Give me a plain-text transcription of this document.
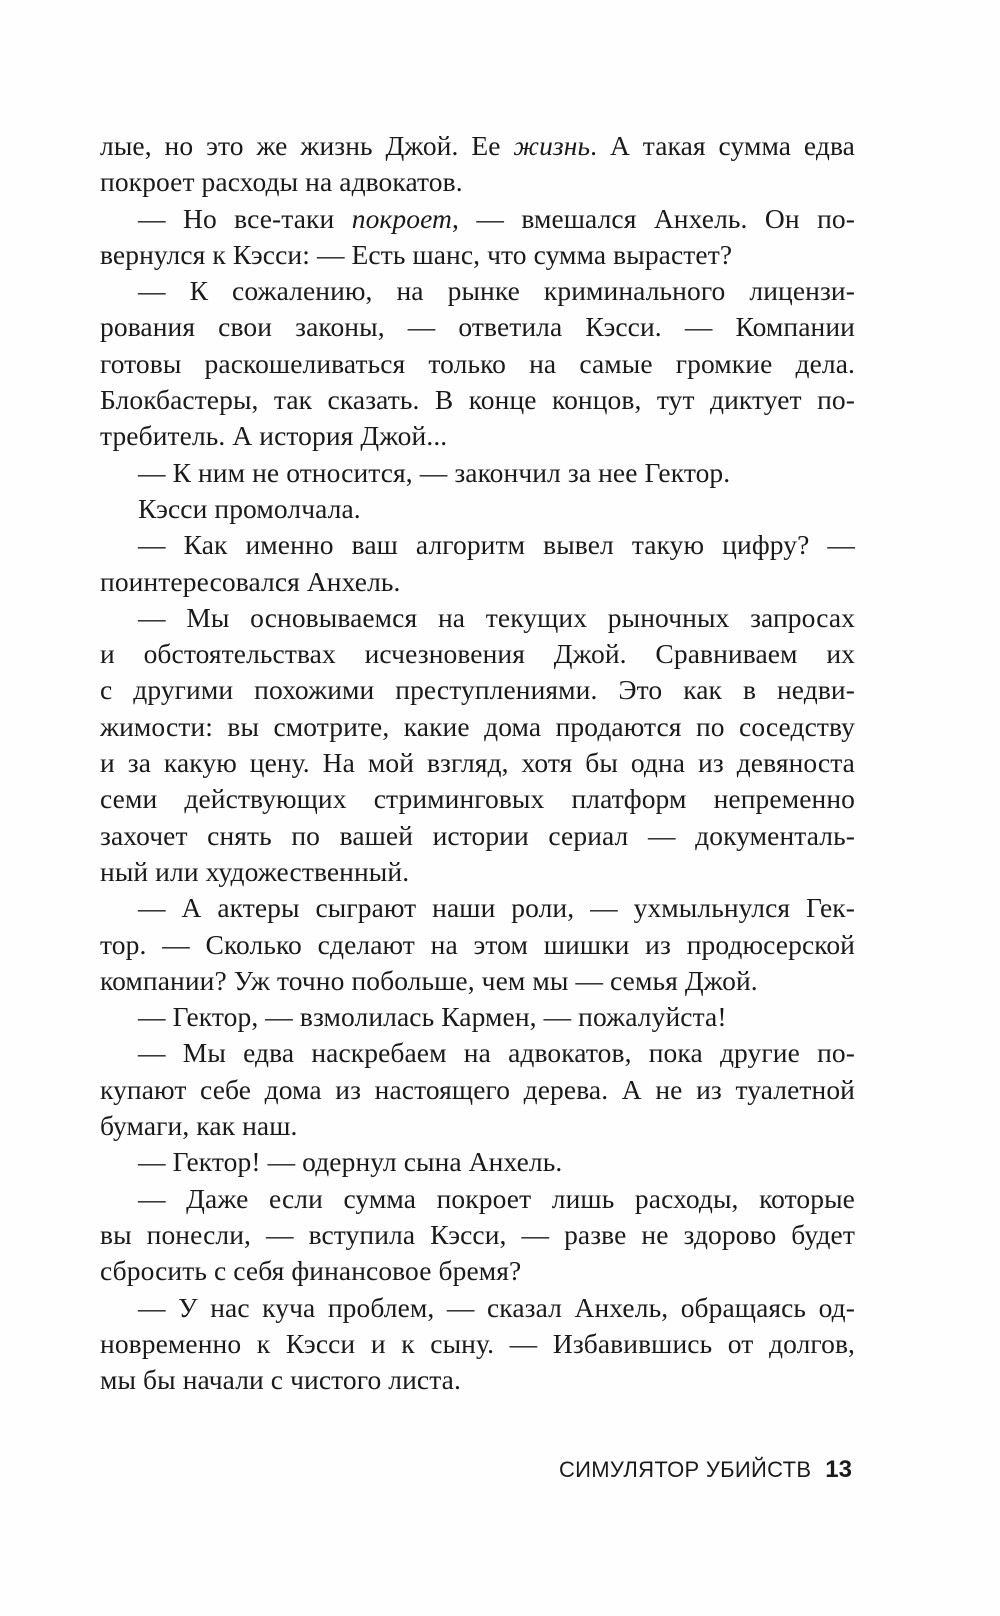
лые, но это же жизнь Джой. Ее жизнь. А такая сумма едва
покроет расходы на адвокатов.
— Но все-таки покроет, — вмешался Анхель. Он по-
вернулся к Кэсси: — Есть шанс, что сумма вырастет?
— К сожалению, на рынке криминального лицензи-
рования свои законы, — ответила Кэсси. — Компании
готовы раскошеливаться только на самые громкие дела.
Блокбастеры, так сказать. В конце концов, тут диктует по-
требитель. А история Джой...
— К ним не относится, — закончил за нее Гектор.
Кэсси промолчала.
— Как именно ваш алгоритм вывел такую цифру? —
поинтересовался Анхель.
— Мы основываемся на текущих рыночных запросах
и обстоятельствах исчезновения Джой. Сравниваем их
с другими похожими преступлениями. Это как в недви-
жимости: вы смотрите, какие дома продаются по соседству
и за какую цену. На мой взгляд, хотя бы одна из девяноста
семи действующих стриминговых платформ непременно
захочет снять по вашей истории сериал — документаль-
ный или художественный.
— А актеры сыграют наши роли, — ухмыльнулся Гек-
тор. — Сколько сделают на этом шишки из продюсерской
компании? Уж точно побольше, чем мы — семья Джой.
— Гектор, — взмолилась Кармен, — пожалуйста!
— Мы едва наскребаем на адвокатов, пока другие по-
купают себе дома из настоящего дерева. А не из туалетной
бумаги, как наш.
— Гектор! — одернул сына Анхель.
— Даже если сумма покроет лишь расходы, которые
вы понесли, — вступила Кэсси, — разве не здорово будет
сбросить с себя финансовое бремя?
— У нас куча проблем, — сказал Анхель, обращаясь од-
новременно к Кэсси и к сыну. — Избавившись от долгов,
мы бы начали с чистого листа.
СИМУЛЯТОР УБИЙСТВ 13
